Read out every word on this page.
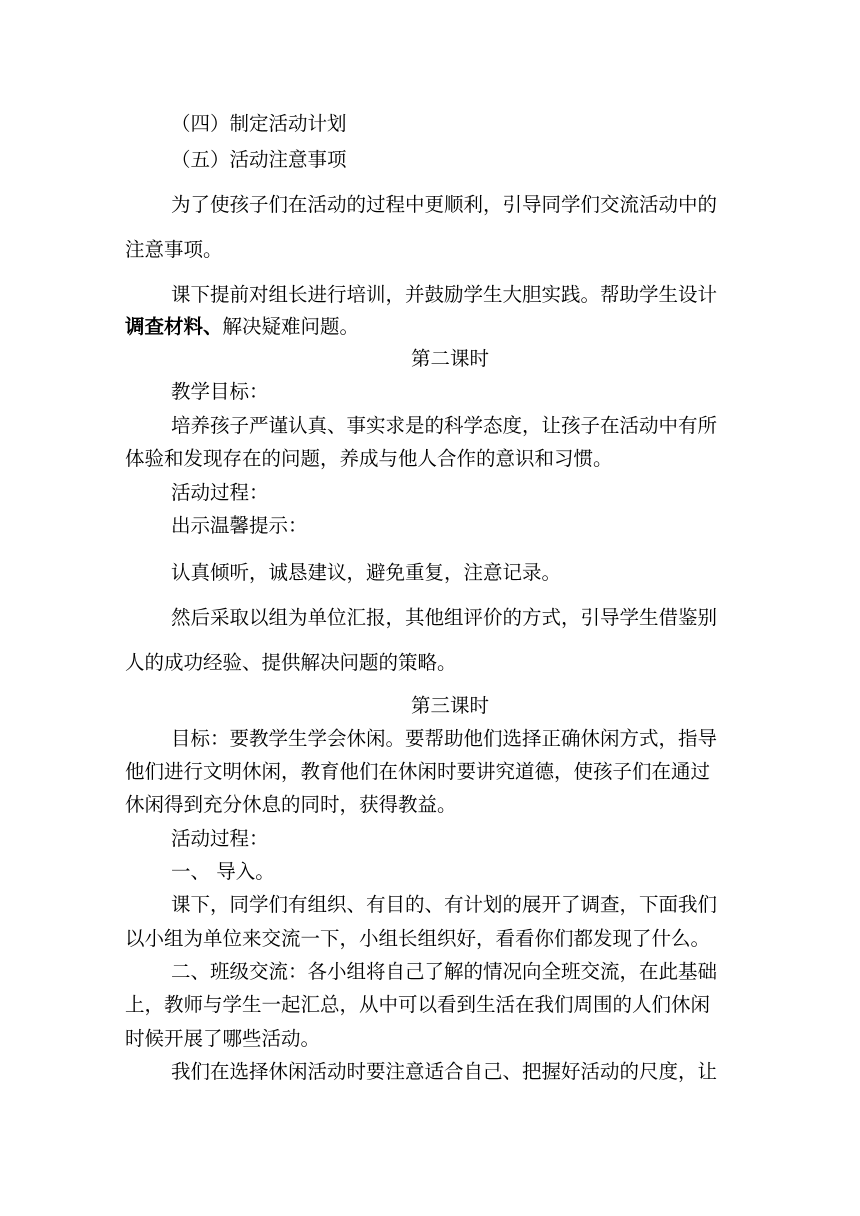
（四）制定活动计划
（五）活动注意事项
为了使孩子们在活动的过程中更顺利，引导同学们交流活动中的
注意事项。
课下提前对组长进行培训，并鼓励学生大胆实践。帮助学生设计
调查材料、解决疑难问题。
第二课时
教学目标：
培养孩子严谨认真、事实求是的科学态度，让孩子在活动中有所
体验和发现存在的问题，养成与他人合作的意识和习惯。
活动过程：
出示温馨提示：
认真倾听，诚恳建议，避免重复，注意记录。
然后采取以组为单位汇报，其他组评价的方式，引导学生借鉴别
人的成功经验、提供解决问题的策略。
第三课时
目标：要教学生学会休闲。要帮助他们选择正确休闲方式，指导
他们进行文明休闲，教育他们在休闲时要讲究道德，使孩子们在通过
休闲得到充分休息的同时，获得教益。
活动过程：
一、 导入。
课下，同学们有组织、有目的、有计划的展开了调查，下面我们
以小组为单位来交流一下，小组长组织好，看看你们都发现了什么。
二、班级交流：各小组将自己了解的情况向全班交流，在此基础
上，教师与学生一起汇总，从中可以看到生活在我们周围的人们休闲
时候开展了哪些活动。
我们在选择休闲活动时要注意适合自己、把握好活动的尺度，让
